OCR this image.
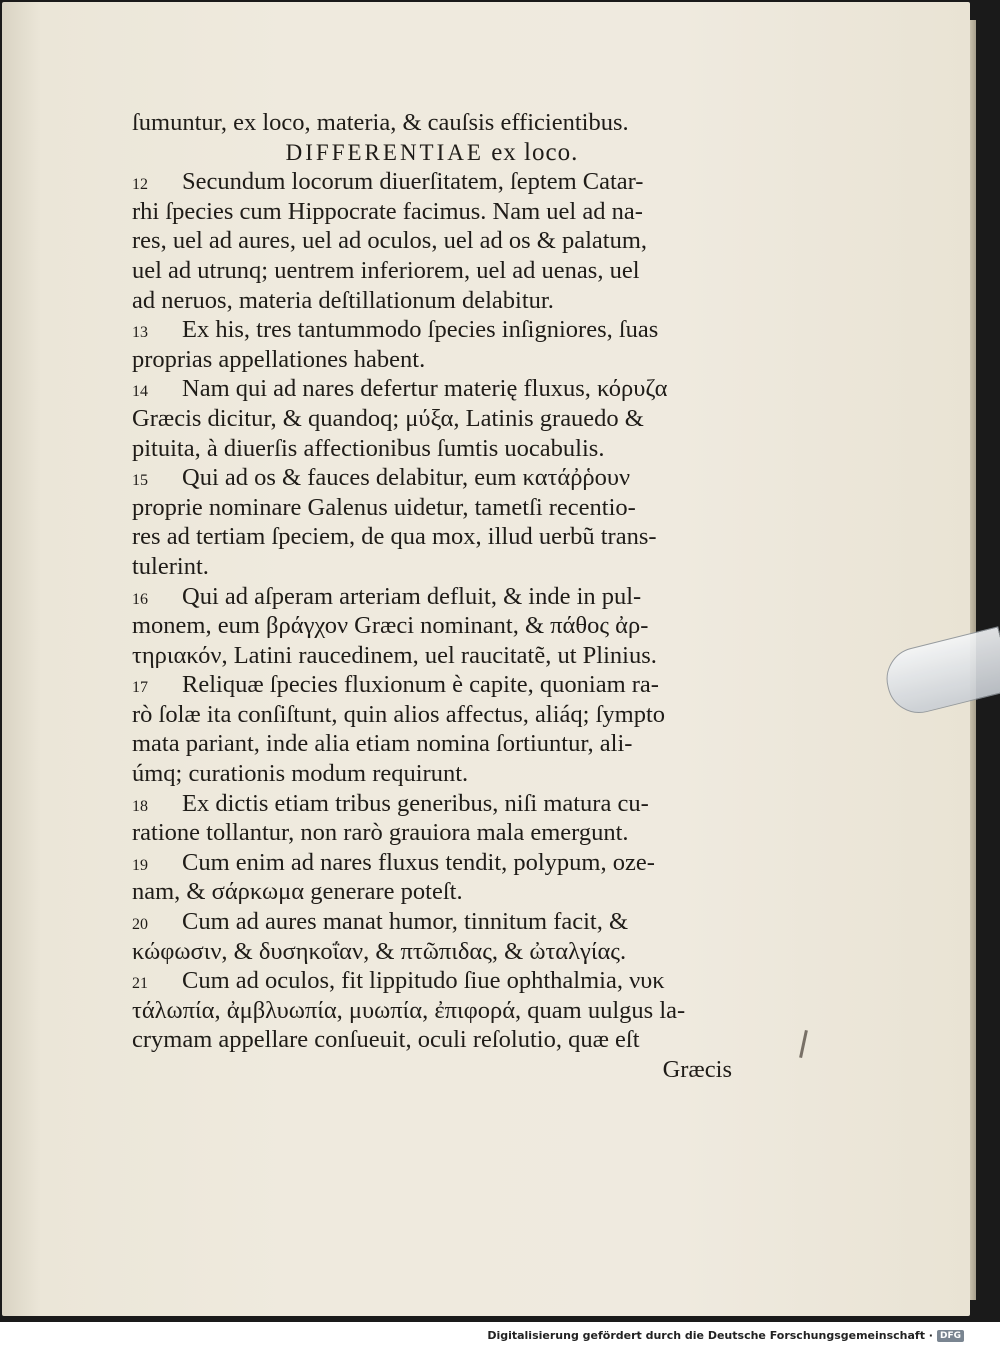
ſumuntur, ex loco, materia, & cauſsis efficientibus.
DIFFERENTIAE ex loco.
12 Secundum locorum diuerſitatem, ſeptem Catar-
rhi ſpecies cum Hippocrate facimus. Nam uel ad na-
res, uel ad aures, uel ad oculos, uel ad os & palatum,
uel ad utrunq; uentrem inferiorem, uel ad uenas, uel
ad neruos, materia deſtillationum delabitur.
13 Ex his, tres tantummodo ſpecies inſigniores, ſuas
proprias appellationes habent.
14 Nam qui ad nares defertur materię fluxus, κόρυζα
Græcis dicitur, & quandoq; μύξα, Latinis grauedo &
pituita, à diuerſis affectionibus ſumtis uocabulis.
15 Qui ad os & fauces delabitur, eum κατάῤῥουν
proprie nominare Galenus uidetur, tametſi recentio-
res ad tertiam ſpeciem, de qua mox, illud uerbũ trans-
tulerint.
16 Qui ad aſperam arteriam defluit, & inde in pul-
monem, eum βράγχον Græci nominant, & πάθος ἀρ-
τηριακόν, Latini raucedinem, uel raucitatẽ, ut Plinius.
17 Reliquæ ſpecies fluxionum è capite, quoniam ra-
rò ſolæ ita conſiſtunt, quin alios affectus, aliáq; ſympto
mata pariant, inde alia etiam nomina ſortiuntur, ali-
úmq; curationis modum requirunt.
18 Ex dictis etiam tribus generibus, niſi matura cu-
ratione tollantur, non rarò grauiora mala emergunt.
19 Cum enim ad nares fluxus tendit, polypum, oze-
nam, & σάρκωμα generare poteſt.
20 Cum ad aures manat humor, tinnitum facit, &
κώφωσιν, & δυσηκοΐαν, & πτῶπιδας, & ὠταλγίας.
21 Cum ad oculos, fit lippitudo ſiue ophthalmia, νυκ
τάλωπία, ἀμβλυωπία, μυωπία, ἐπιφορά, quam uulgus la-
crymam appellare conſueuit, oculi reſolutio, quæ eſt
Græcis
Digitalisierung gefördert durch die Deutsche Forschungsgemeinschaft · DFG
